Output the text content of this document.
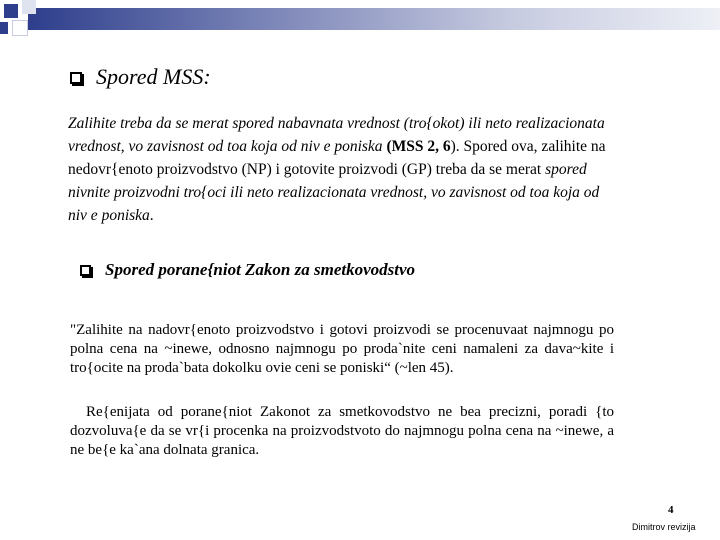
Spored MSS:
Zalihite treba da se merat spored nabavnata vrednost (tro{okot) ili neto realizacionata vrednost, vo zavisnost od toa koja od niv e poniska (MSS 2, 6). Spored ova, zalihite na nedovr{enoto proizvodstvo (NP) i gotovite proizvodi (GP) treba da se merat spored nivnite proizvodni tro{oci ili neto realizacionata vrednost, vo zavisnost od toa koja od niv e poniska.
Spored porane{niot Zakon za smetkovodstvo
"Zalihite na nadovr{enoto proizvodstvo i gotovi proizvodi se procenuvaat najmnogu po polna cena na ~inewe, odnosno najmnogu po proda`nite ceni namaleni za dava~kite i tro{ocite na proda`bata dokolku ovie ceni se poniski“ (~len 45).
Re{enijata od porane{niot Zakonot za smetkovodstvo ne bea precizni, poradi {to dozvoluva{e da se vr{i procenka na proizvodstvoto do najmnogu polna cena na ~inewe, a ne be{e ka`ana dolnata granica.
4
Dimitrov revizija
